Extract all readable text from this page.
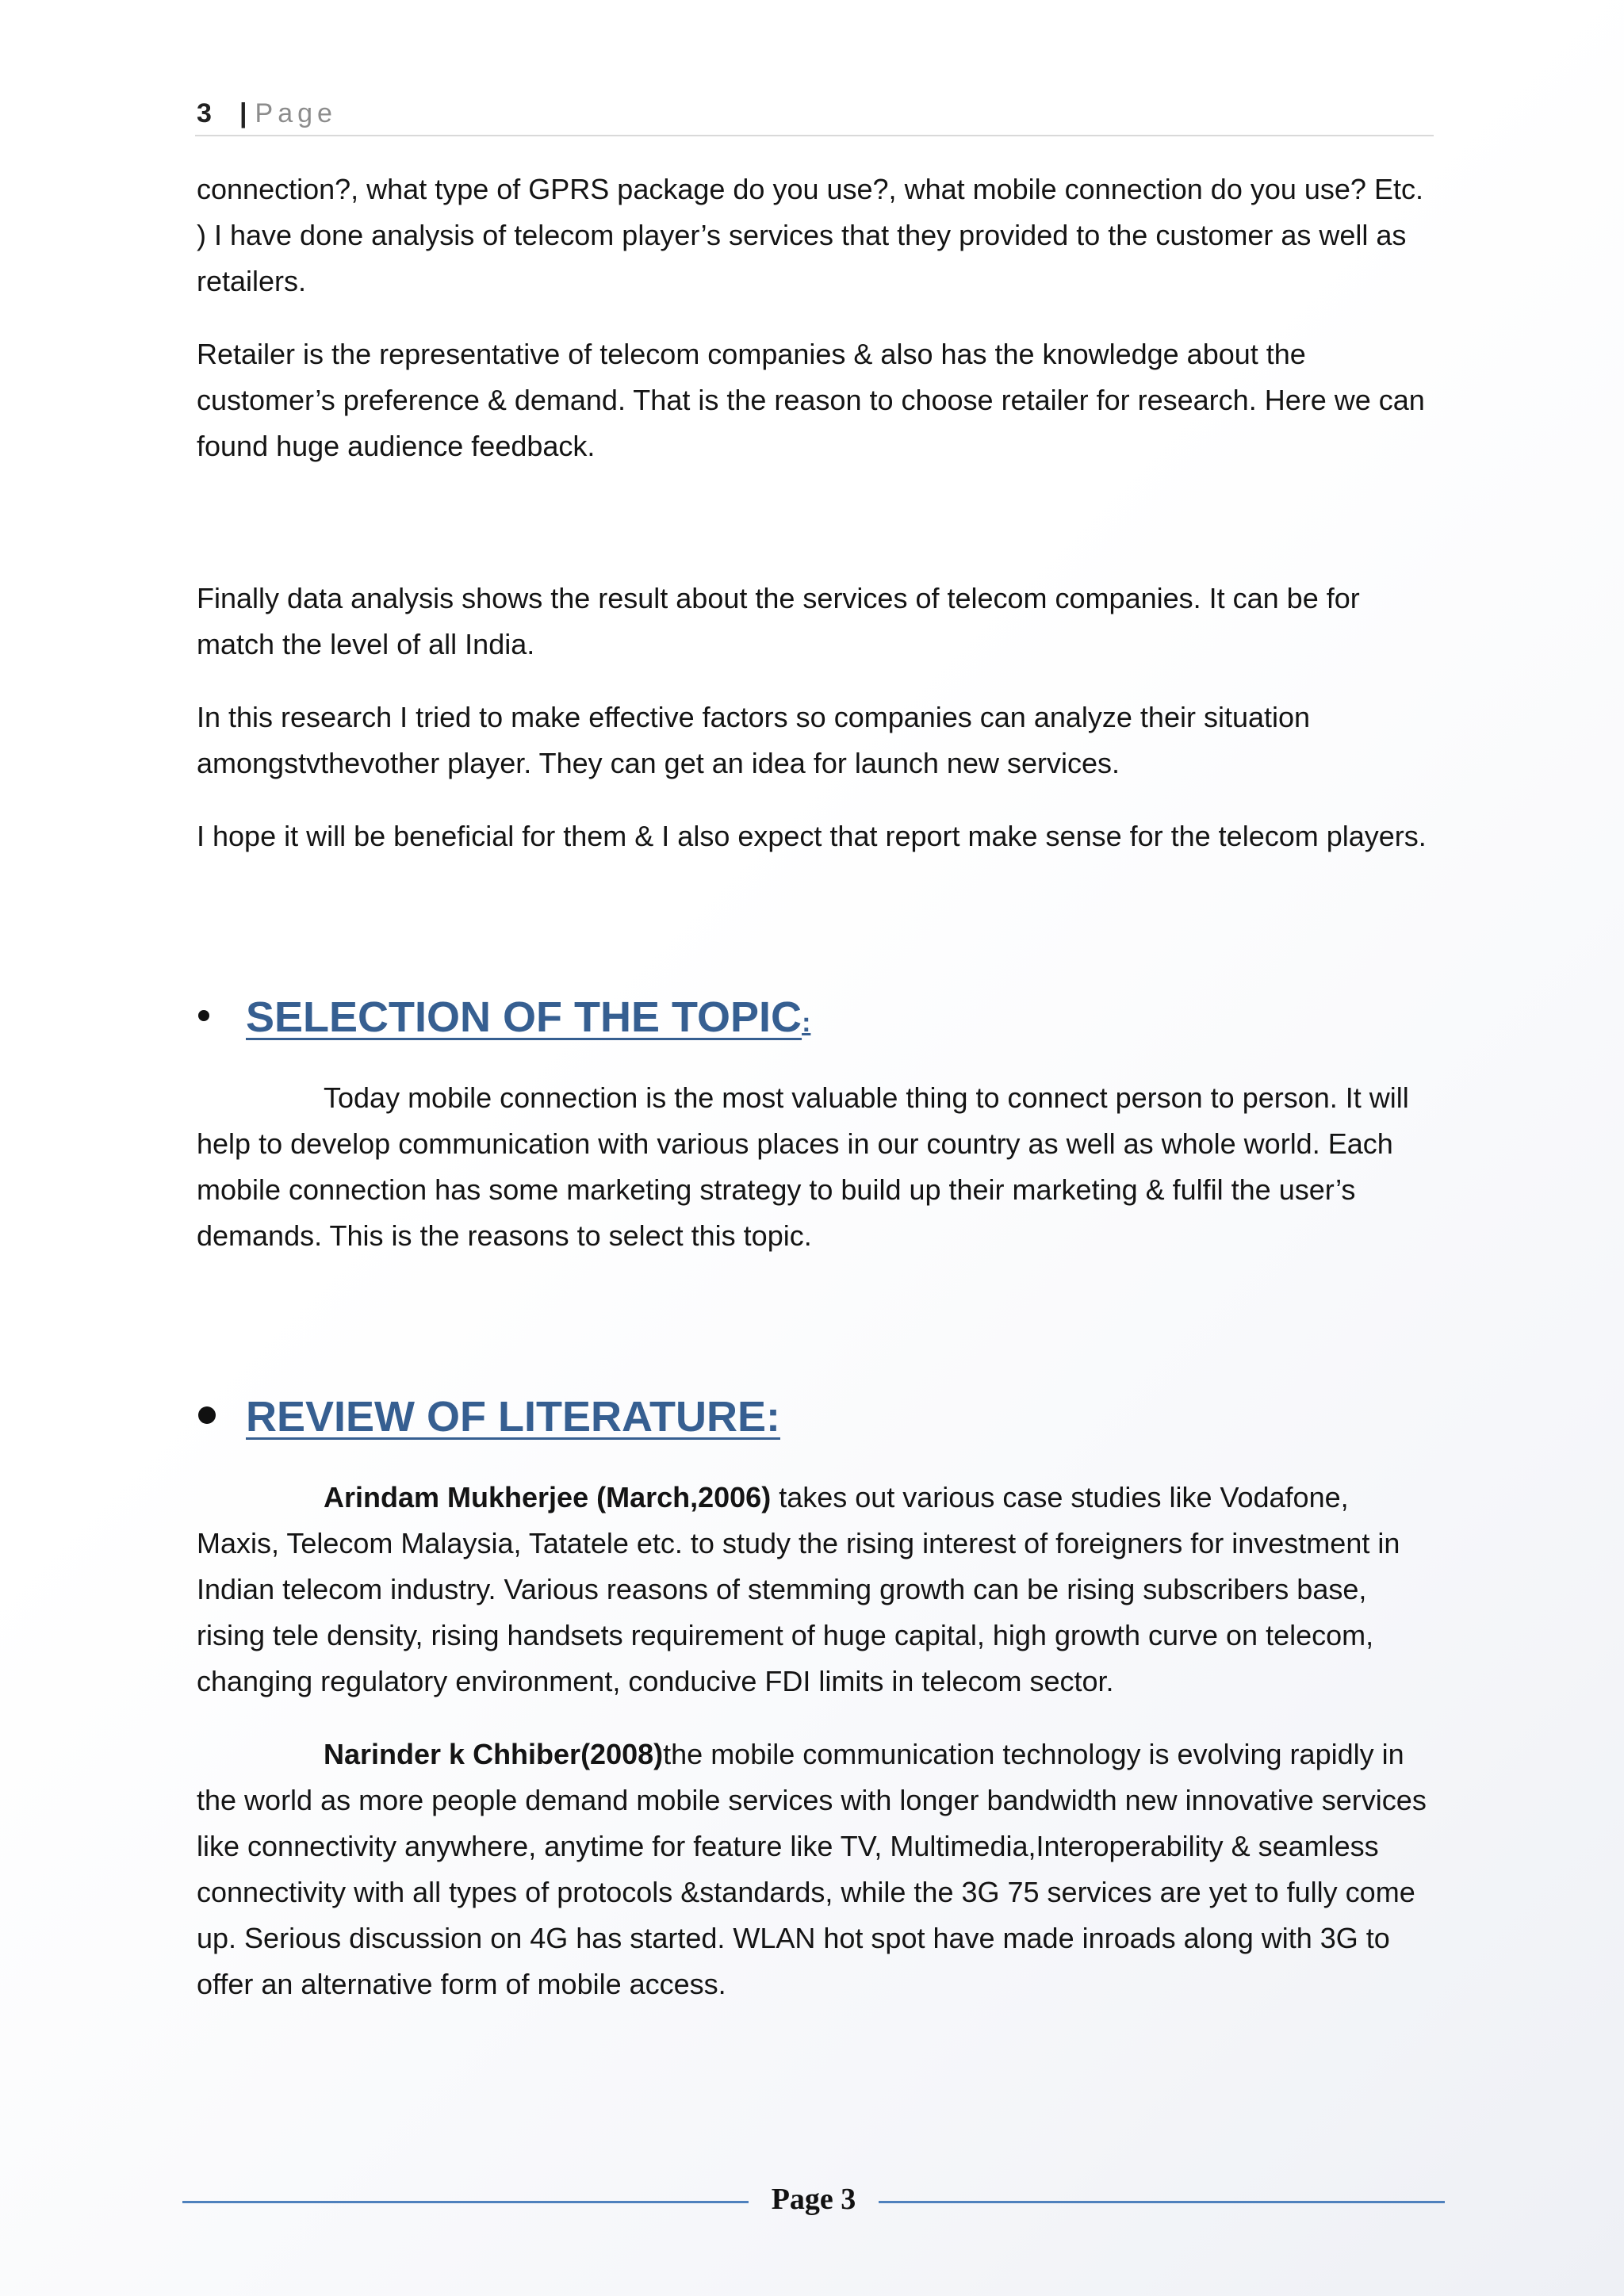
3 | Page

connection?, what type of GPRS package do you use?, what mobile connection do you use? Etc. ) I have done analysis of telecom player’s services that they provided to the customer as well as retailers.

Retailer is the representative of telecom companies & also has the knowledge about the customer’s preference & demand. That is the reason to choose retailer for research. Here we can found huge audience feedback.

Finally data analysis shows the result about the services of telecom companies. It can be for match the level of all India.

In this research I tried to make effective factors so companies can analyze their situation amongstvthevother player. They can get an idea for launch new services.

I hope it will be beneficial for them & I also expect that report make sense for the telecom players.

SELECTION OF THE TOPIC:

Today mobile connection is the most valuable thing to connect person to person. It will help to develop communication with various places in our country as well as whole world. Each mobile connection has some marketing strategy to build up their marketing & fulfil the user’s demands. This is the reasons to select this topic.

REVIEW OF LITERATURE:

Arindam Mukherjee (March,2006) takes out various case studies like Vodafone, Maxis, Telecom Malaysia, Tatatele etc. to study the rising interest of foreigners for investment in Indian telecom industry. Various reasons of stemming growth can be rising subscribers base, rising tele density, rising handsets requirement of huge capital, high growth curve on telecom, changing regulatory environment, conducive FDI limits in telecom sector.

Narinder k Chhiber(2008)the mobile communication technology is evolving rapidly in the world as more people demand mobile services with longer bandwidth new innovative services like connectivity anywhere, anytime for feature like TV, Multimedia,Interoperability & seamless connectivity with all types of protocols &standards, while the 3G 75 services are yet to fully come up. Serious discussion on 4G has started. WLAN hot spot have made inroads along with 3G to offer an alternative form of mobile access.

Page 3
